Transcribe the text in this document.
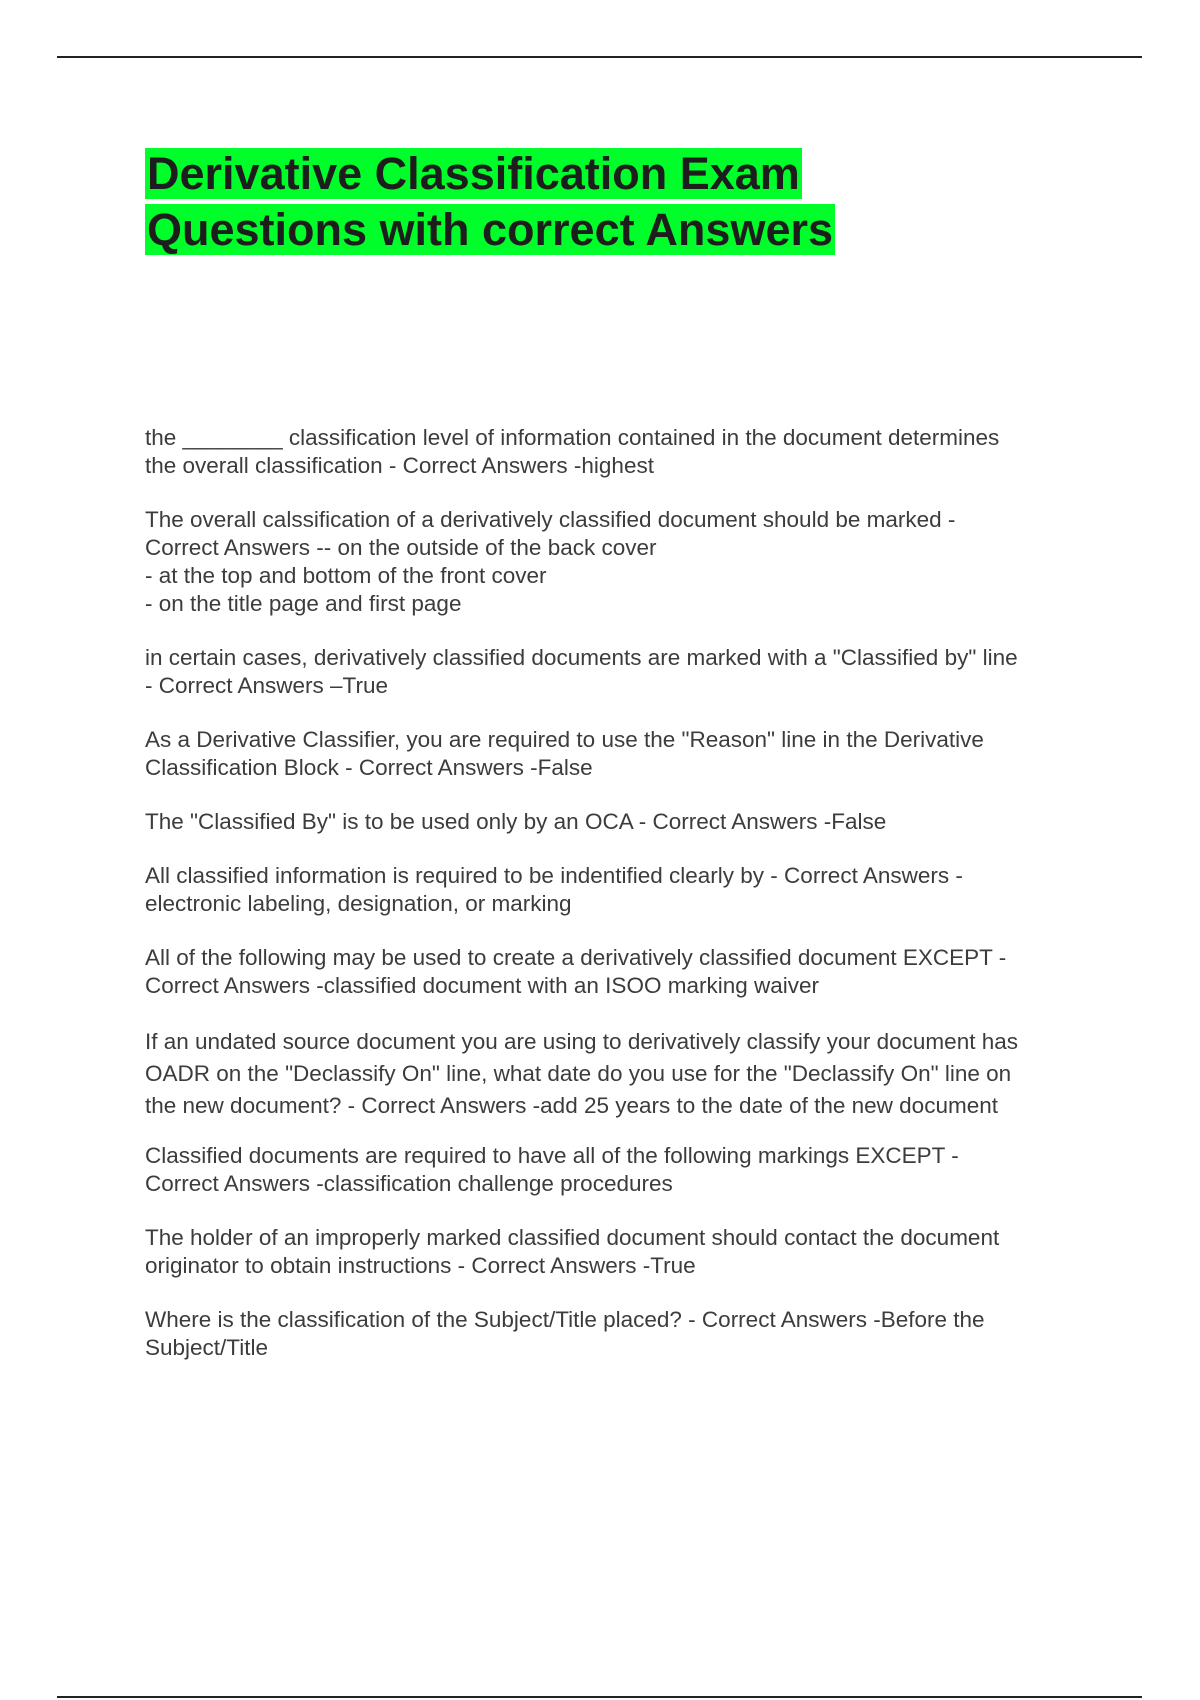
Derivative Classification Exam
Questions with correct Answers

the ________ classification level of information contained in the document determines
the overall classification - Correct Answers -highest

The overall calssification of a derivatively classified document should be marked -
Correct Answers -- on the outside of the back cover
- at the top and bottom of the front cover
- on the title page and first page

in certain cases, derivatively classified documents are marked with a "Classified by" line
- Correct Answers –True

As a Derivative Classifier, you are required to use the "Reason" line in the Derivative
Classification Block - Correct Answers -False

The "Classified By" is to be used only by an OCA - Correct Answers -False

All classified information is required to be indentified clearly by - Correct Answers -
electronic labeling, designation, or marking

All of the following may be used to create a derivatively classified document EXCEPT -
Correct Answers -classified document with an ISOO marking waiver

If an undated source document you are using to derivatively classify your document has
OADR on the "Declassify On" line, what date do you use for the "Declassify On" line on
the new document? - Correct Answers -add 25 years to the date of the new document

Classified documents are required to have all of the following markings EXCEPT -
Correct Answers -classification challenge procedures

The holder of an improperly marked classified document should contact the document
originator to obtain instructions - Correct Answers -True

Where is the classification of the Subject/Title placed? - Correct Answers -Before the
Subject/Title
